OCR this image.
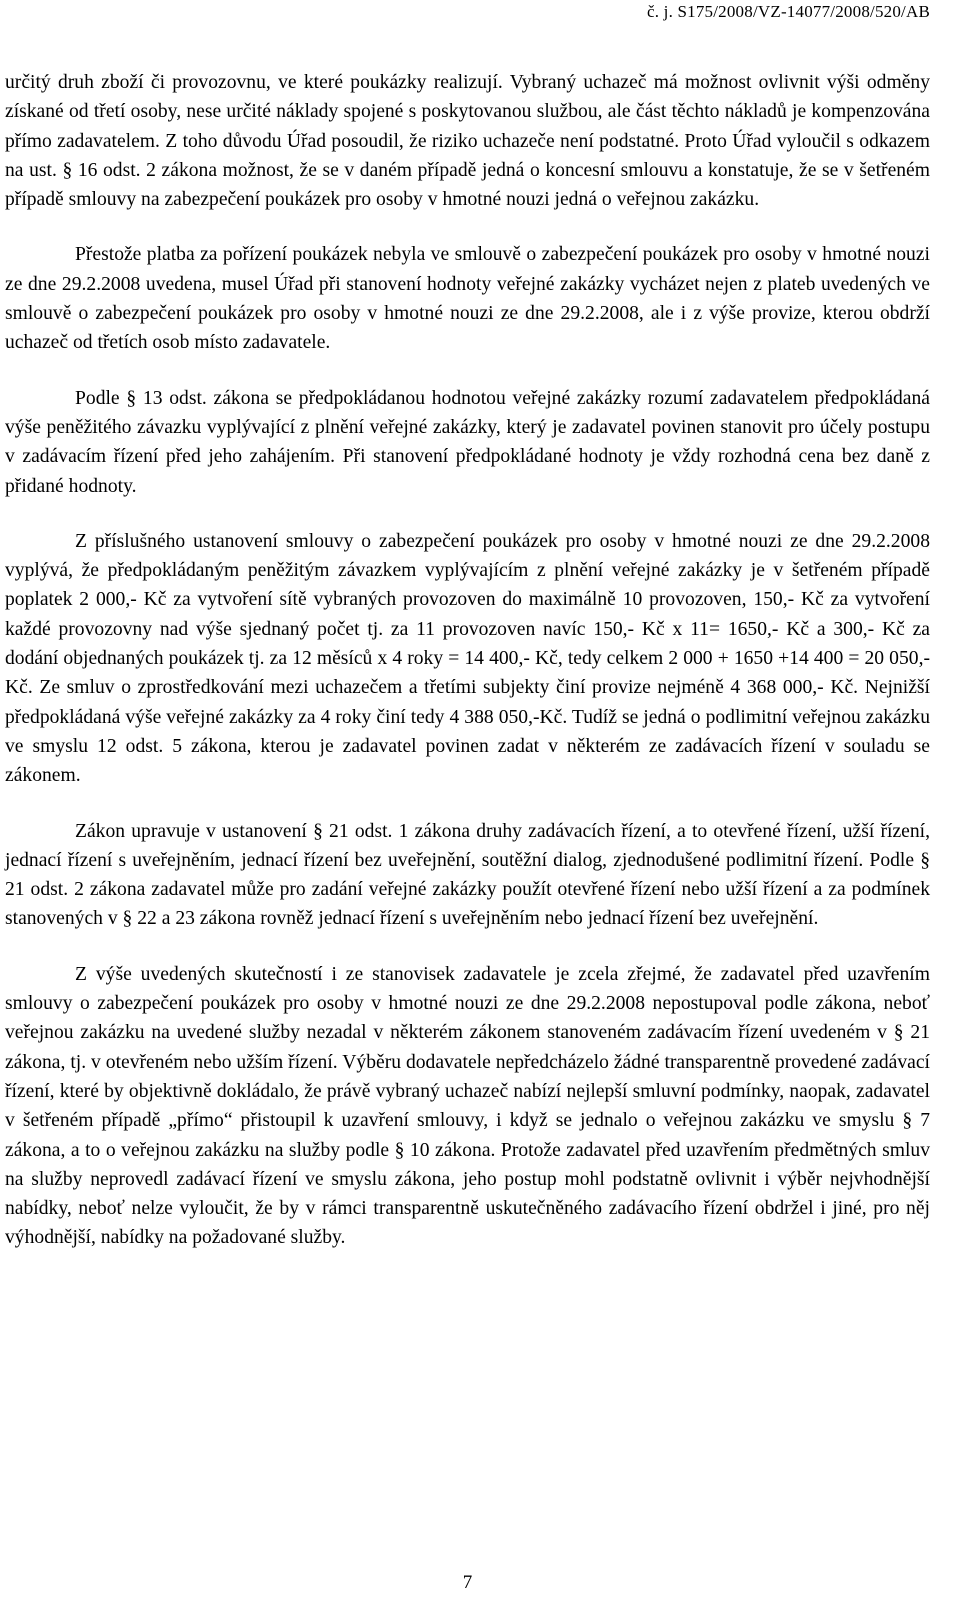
č. j. S175/2008/VZ-14077/2008/520/AB

určitý druh zboží či provozovnu, ve které poukázky realizují. Vybraný uchazeč má možnost ovlivnit výši odměny získané od třetí osoby, nese určité náklady spojené s poskytovanou službou, ale část těchto nákladů je kompenzována přímo zadavatelem. Z toho důvodu Úřad posoudil, že riziko uchazeče není podstatné. Proto Úřad vyloučil s odkazem na ust. § 16 odst. 2 zákona možnost, že se v daném případě jedná o koncesní smlouvu a konstatuje, že se v šetřeném případě smlouvy na zabezpečení poukázek pro osoby v hmotné nouzi jedná o veřejnou zakázku.

Přestože platba za pořízení poukázek nebyla ve smlouvě o zabezpečení poukázek pro osoby v hmotné nouzi ze dne 29.2.2008 uvedena, musel Úřad při stanovení hodnoty veřejné zakázky vycházet nejen z plateb uvedených ve smlouvě o zabezpečení poukázek pro osoby v hmotné nouzi ze dne 29.2.2008, ale i z výše provize, kterou obdrží uchazeč od třetích osob místo zadavatele.

Podle § 13 odst. zákona se předpokládanou hodnotou veřejné zakázky rozumí zadavatelem předpokládaná výše peněžitého závazku vyplývající z plnění veřejné zakázky, který je zadavatel povinen stanovit pro účely postupu v zadávacím řízení před jeho zahájením. Při stanovení předpokládané hodnoty je vždy rozhodná cena bez daně z přidané hodnoty.

Z příslušného ustanovení smlouvy o zabezpečení poukázek pro osoby v hmotné nouzi ze dne 29.2.2008 vyplývá, že předpokládaným peněžitým závazkem vyplývajícím z plnění veřejné zakázky je v šetřeném případě poplatek 2 000,- Kč za vytvoření sítě vybraných provozoven do maximálně 10 provozoven, 150,- Kč za vytvoření každé provozovny nad výše sjednaný počet tj. za 11 provozoven navíc 150,- Kč x 11= 1650,- Kč a 300,- Kč za dodání objednaných poukázek tj. za 12 měsíců x 4 roky = 14 400,- Kč, tedy celkem 2 000 + 1650 +14 400 = 20 050,- Kč. Ze smluv o zprostředkování mezi uchazečem a třetími subjekty činí provize nejméně 4 368 000,- Kč. Nejnižší předpokládaná výše veřejné zakázky za 4 roky činí tedy 4 388 050,-Kč. Tudíž se jedná o podlimitní veřejnou zakázku ve smyslu 12 odst. 5 zákona, kterou je zadavatel povinen zadat v některém ze zadávacích řízení v souladu se zákonem.

Zákon upravuje v ustanovení § 21 odst. 1 zákona druhy zadávacích řízení, a to otevřené řízení, užší řízení, jednací řízení s uveřejněním, jednací řízení bez uveřejnění, soutěžní dialog, zjednodušené podlimitní řízení. Podle § 21 odst. 2 zákona zadavatel může pro zadání veřejné zakázky použít otevřené řízení nebo užší řízení a za podmínek stanovených v § 22 a 23 zákona rovněž jednací řízení s uveřejněním nebo jednací řízení bez uveřejnění.

Z výše uvedených skutečností i ze stanovisek zadavatele je zcela zřejmé, že zadavatel před uzavřením smlouvy o zabezpečení poukázek pro osoby v hmotné nouzi ze dne 29.2.2008 nepostupoval podle zákona, neboť veřejnou zakázku na uvedené služby nezadal v některém zákonem stanoveném zadávacím řízení uvedeném v § 21 zákona, tj. v otevřeném nebo užším řízení. Výběru dodavatele nepředcházelo žádné transparentně provedené zadávací řízení, které by objektivně dokládalo, že právě vybraný uchazeč nabízí nejlepší smluvní podmínky, naopak, zadavatel v šetřeném případě „přímo“ přistoupil k uzavření smlouvy, i když se jednalo o veřejnou zakázku ve smyslu § 7 zákona, a to o veřejnou zakázku na služby podle § 10 zákona. Protože zadavatel před uzavřením předmětných smluv na služby neprovedl zadávací řízení ve smyslu zákona, jeho postup mohl podstatně ovlivnit i výběr nejvhodnější nabídky, neboť nelze vyloučit, že by v rámci transparentně uskutečněného zadávacího řízení obdržel i jiné, pro něj výhodnější, nabídky na požadované služby.

7
